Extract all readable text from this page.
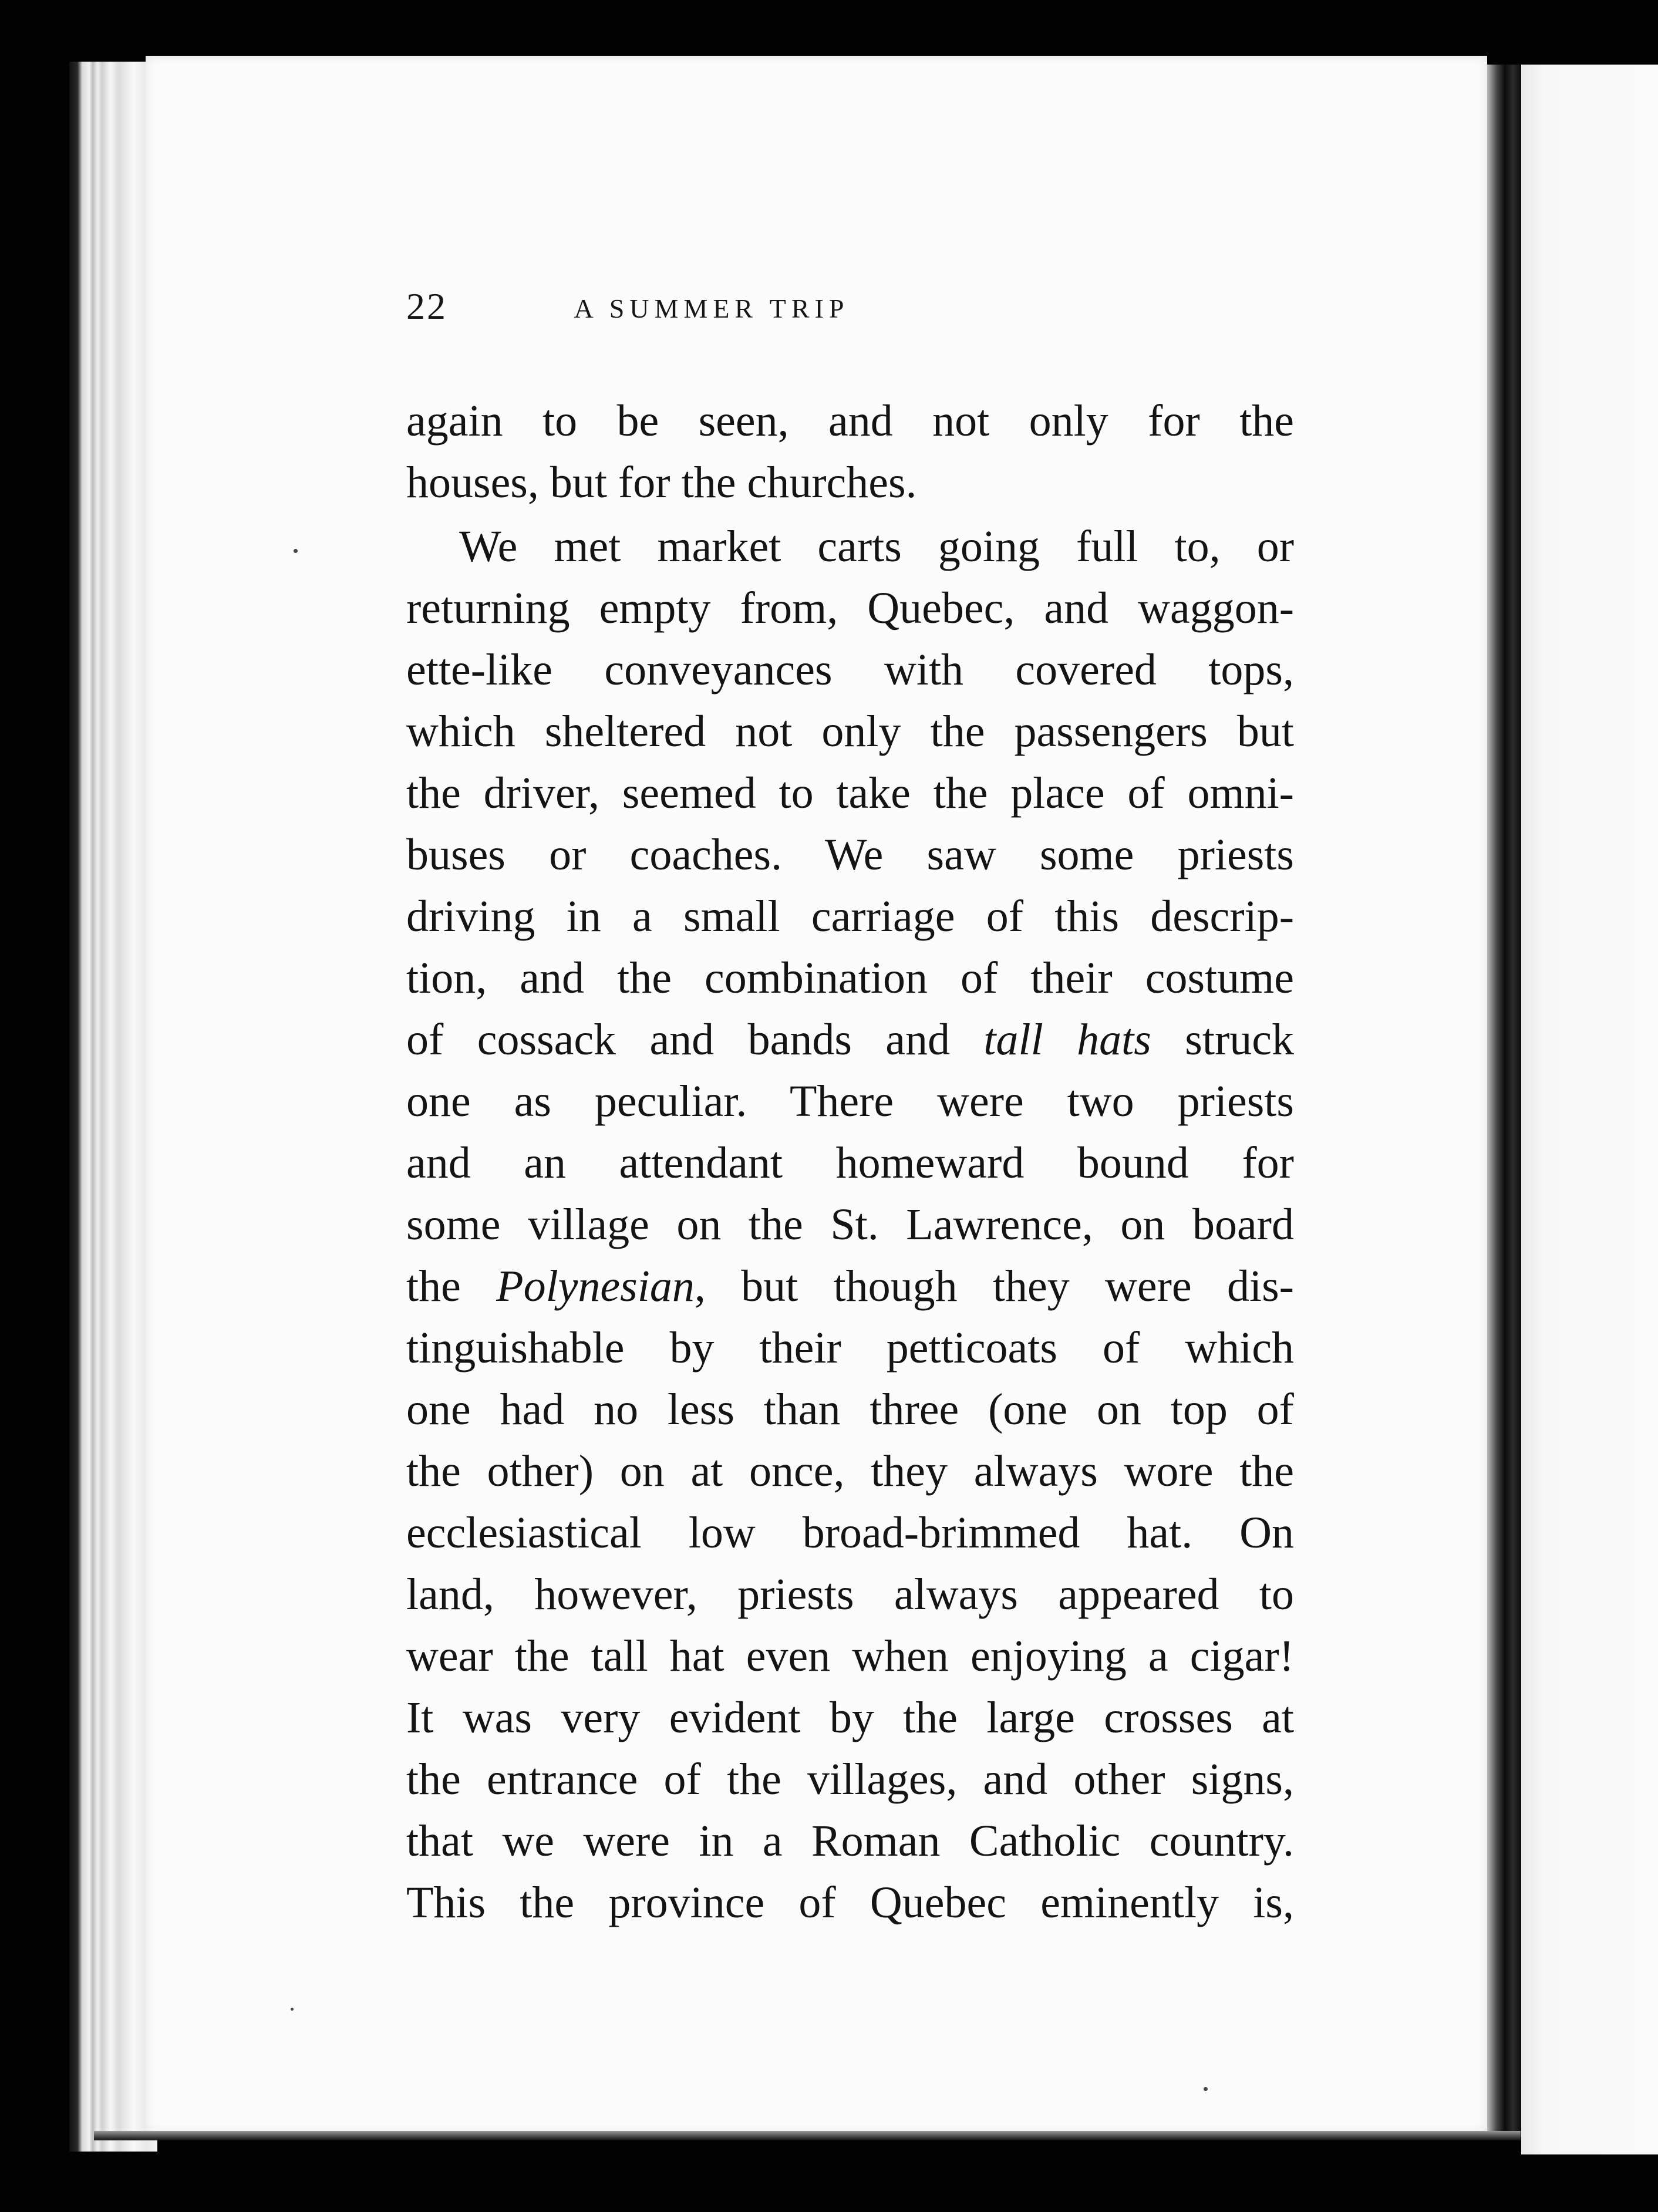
22	A SUMMER TRIP
again to be seen, and not only for the
houses, but for the churches.
We met market carts going full to, or
returning empty from, Quebec, and waggon-
ette-like conveyances with covered tops,
which sheltered not only the passengers but
the driver, seemed to take the place of omni-
buses or coaches. We saw some priests
driving in a small carriage of this descrip-
tion, and the combination of their costume
of cossack and bands and tall hats struck
one as peculiar. There were two priests
and an attendant homeward bound for
some village on the St. Lawrence, on board
the Polynesian, but though they were dis-
tinguishable by their petticoats of which
one had no less than three (one on top of
the other) on at once, they always wore the
ecclesiastical low broad-brimmed hat. On
land, however, priests always appeared to
wear the tall hat even when enjoying a cigar!
It was very evident by the large crosses at
the entrance of the villages, and other signs,
that we were in a Roman Catholic country.
This the province of Quebec eminently is,
